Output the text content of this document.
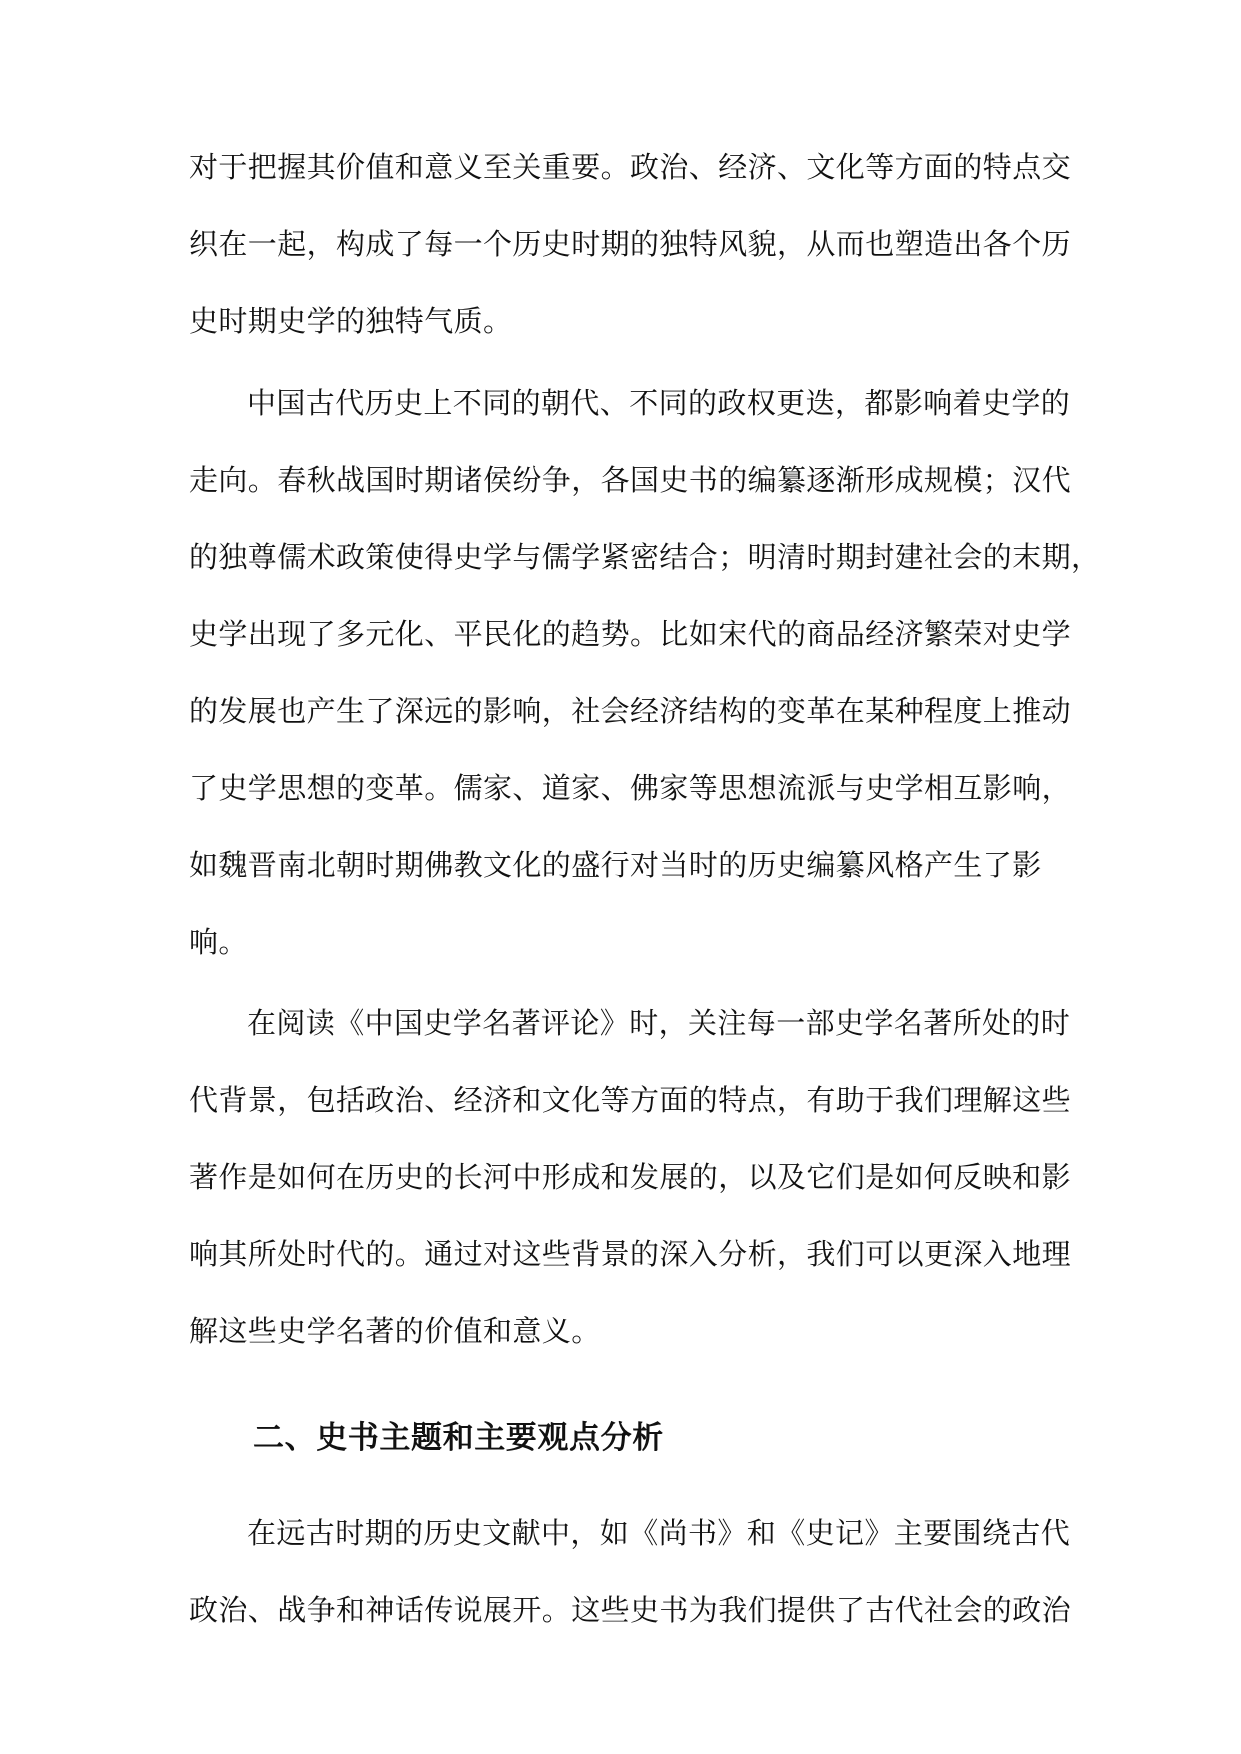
对于把握其价值和意义至关重要。政治、经济、文化等方面的特点交
织在一起，构成了每一个历史时期的独特风貌，从而也塑造出各个历
史时期史学的独特气质。
中国古代历史上不同的朝代、不同的政权更迭，都影响着史学的
走向。春秋战国时期诸侯纷争，各国史书的编纂逐渐形成规模；汉代
的独尊儒术政策使得史学与儒学紧密结合；明清时期封建社会的末期，
史学出现了多元化、平民化的趋势。比如宋代的商品经济繁荣对史学
的发展也产生了深远的影响，社会经济结构的变革在某种程度上推动
了史学思想的变革。儒家、道家、佛家等思想流派与史学相互影响，
如魏晋南北朝时期佛教文化的盛行对当时的历史编纂风格产生了影
响。
在阅读《中国史学名著评论》时，关注每一部史学名著所处的时
代背景，包括政治、经济和文化等方面的特点，有助于我们理解这些
著作是如何在历史的长河中形成和发展的，以及它们是如何反映和影
响其所处时代的。通过对这些背景的深入分析，我们可以更深入地理
解这些史学名著的价值和意义。
二、史书主题和主要观点分析
在远古时期的历史文献中，如《尚书》和《史记》主要围绕古代
政治、战争和神话传说展开。这些史书为我们提供了古代社会的政治
